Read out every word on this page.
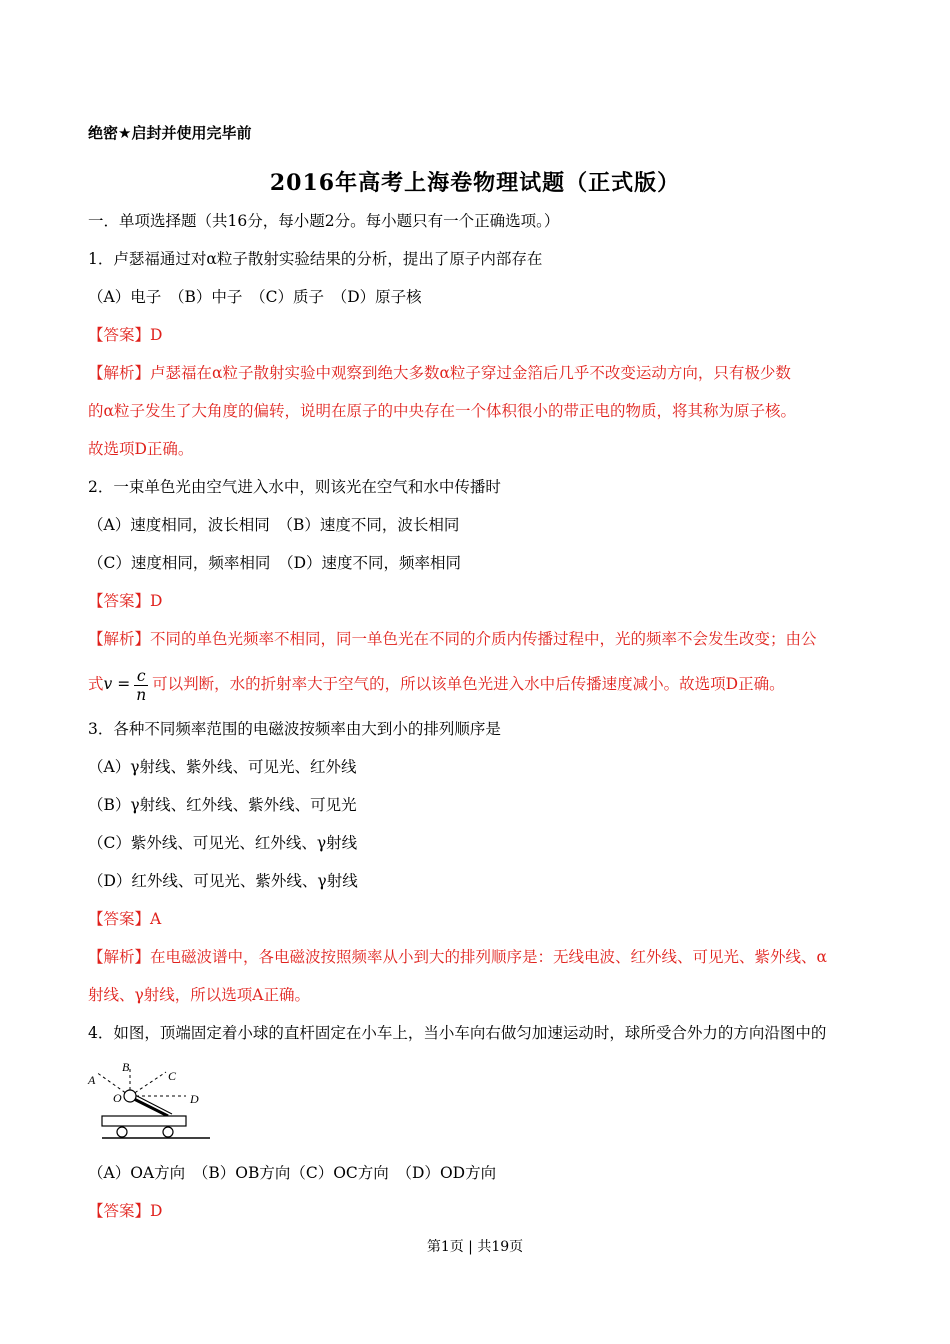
绝密★启封并使用完毕前
2016年高考上海卷物理试题（正式版）
一．单项选择题（共16分，每小题2分。每小题只有一个正确选项。）
1．卢瑟福通过对α粒子散射实验结果的分析，提出了原子内部存在
（A）电子　（B）中子　（C）质子　（D）原子核
【答案】D
【解析】卢瑟福在α粒子散射实验中观察到绝大多数α粒子穿过金箔后几乎不改变运动方向，只有极少数
的α粒子发生了大角度的偏转，说明在原子的中央存在一个体积很小的带正电的物质，将其称为原子核。
故选项D正确。
2．一束单色光由空气进入水中，则该光在空气和水中传播时
（A）速度相同，波长相同　（B）速度不同，波长相同
（C）速度相同，频率相同　（D）速度不同，频率相同
【答案】D
【解析】不同的单色光频率不相同，同一单色光在不同的介质内传播过程中，光的频率不会发生改变；由公
式$v = \frac{c}{n}$ 可以判断，水的折射率大于空气的，所以该单色光进入水中后传播速度减小。故选项D正确。
3．各种不同频率范围的电磁波按频率由大到小的排列顺序是
（A）γ射线、紫外线、可见光、红外线
（B）γ射线、红外线、紫外线、可见光
（C）紫外线、可见光、红外线、γ射线
（D）红外线、可见光、紫外线、γ射线
【答案】A
【解析】在电磁波谱中，各电磁波按照频率从小到大的排列顺序是：无线电波、红外线、可见光、紫外线、α
射线、γ射线，所以选项A正确。
4．如图，顶端固定着小球的直杆固定在小车上，当小车向右做匀加速运动时，球所受合外力的方向沿图中的
A
B
C
D
O
（A）OA方向　（B）OB方向（C）OC方向　（D）OD方向
【答案】D
第1页 | 共19页
